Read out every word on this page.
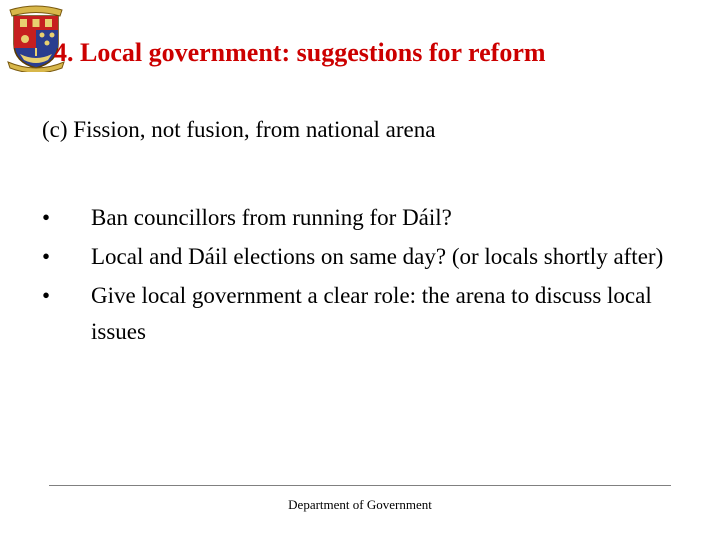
4. Local government: suggestions for reform

(c) Fission, not fusion, from national arena

•	Ban councillors from running for Dáil?
•	Local and Dáil elections on same day? (or locals shortly after)
•	Give local government a clear role: the arena to discuss local issues
Department of Government
